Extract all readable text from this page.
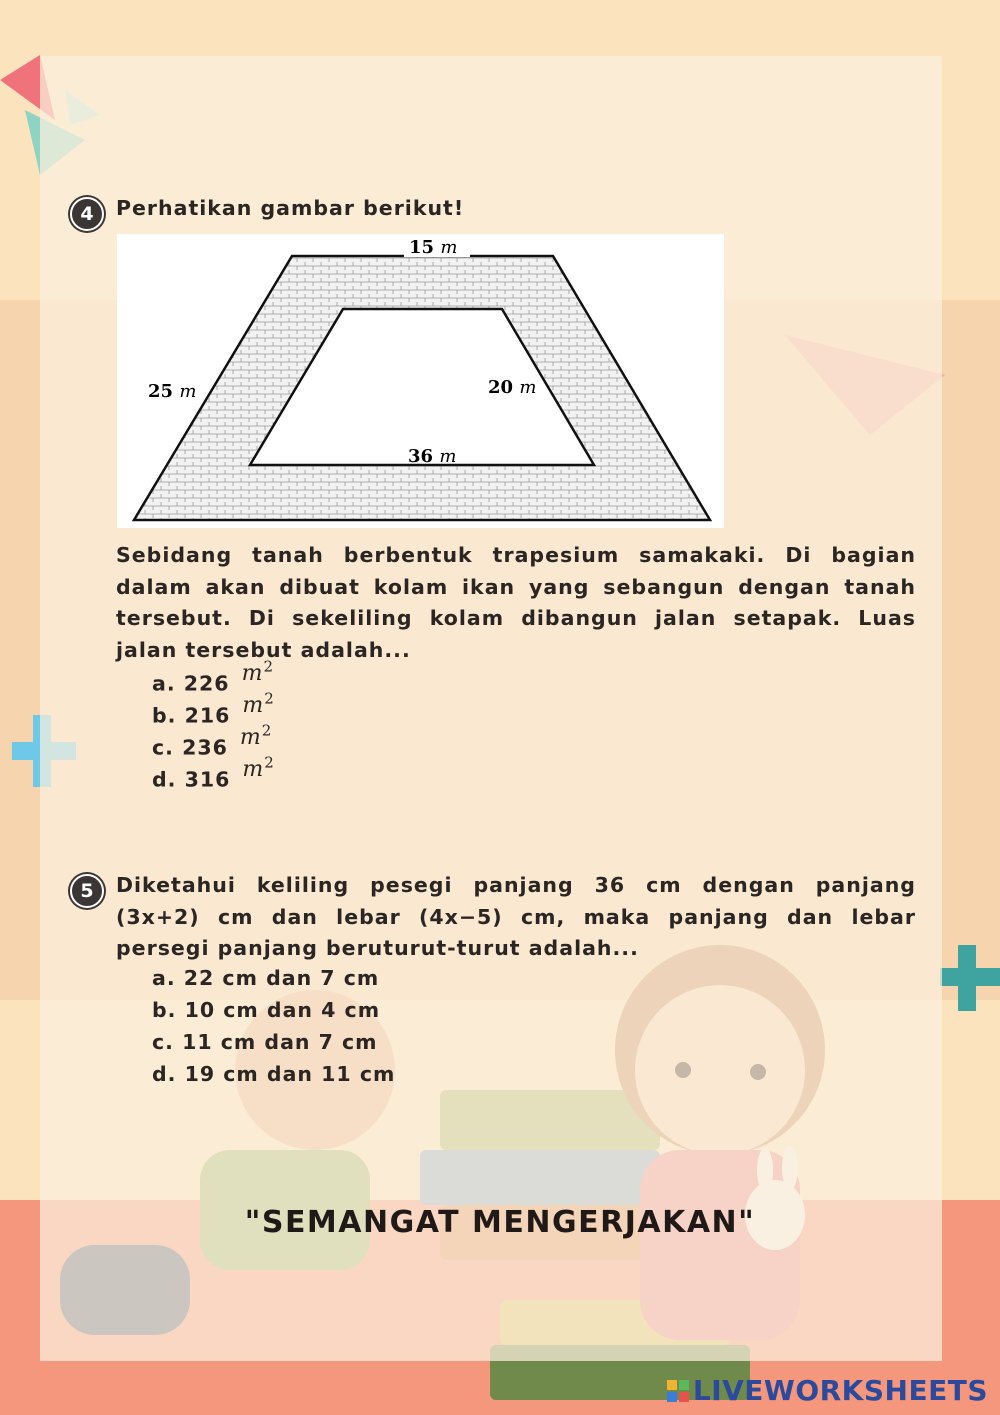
4	Perhatikan gambar berikut!
15 m
25 m	20 m
36 m
Sebidang tanah berbentuk trapesium samakaki. Di bagian dalam akan dibuat kolam ikan yang sebangun dengan tanah tersebut. Di sekeliling kolam dibangun jalan setapak. Luas jalan tersebut adalah...
a. 226 $m^2$
b. 216 $m^2$
c. 236 $m^2$
d. 316 $m^2$
5	Diketahui keliling pesegi panjang 36 cm dengan panjang (3x+2) cm dan lebar (4x−5) cm, maka panjang dan lebar persegi panjang beruturut-turut adalah...
a. 22 cm dan 7 cm
b. 10 cm dan 4 cm
c. 11 cm dan 7 cm
d. 19 cm dan 11 cm
"SEMANGAT MENGERJAKAN"
LIVEWORKSHEETS
